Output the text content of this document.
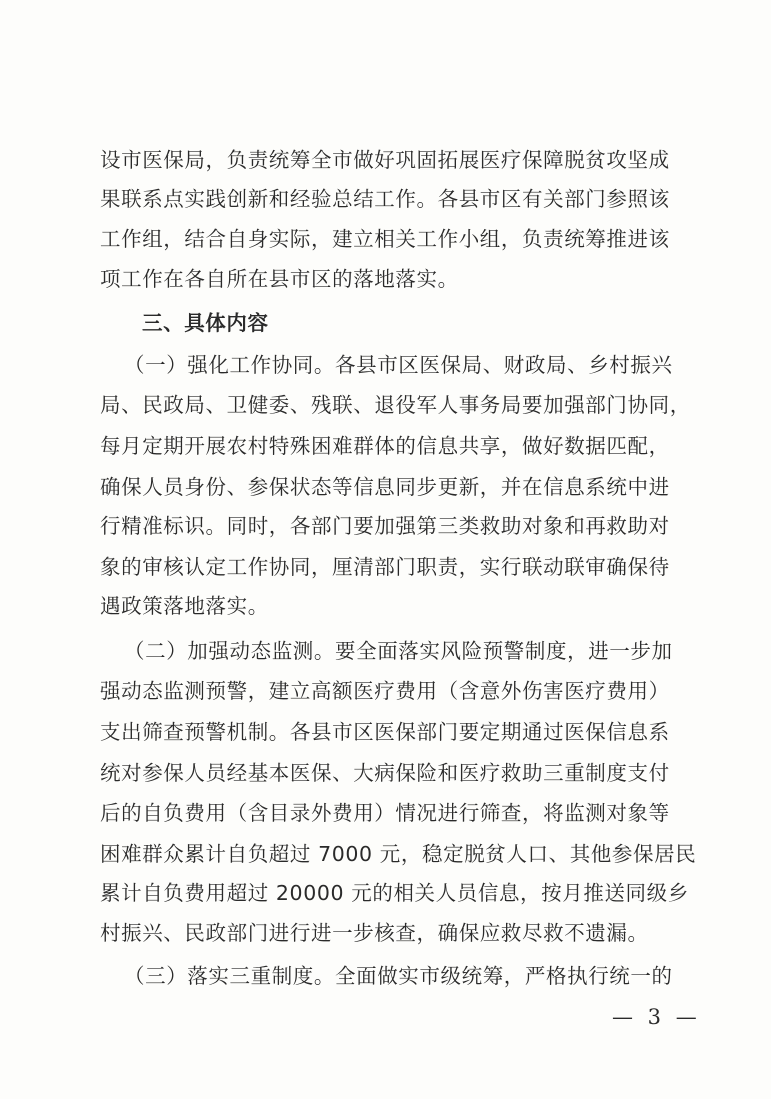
设市医保局，负责统筹全市做好巩固拓展医疗保障脱贫攻坚成
果联系点实践创新和经验总结工作。各县市区有关部门参照该
工作组，结合自身实际，建立相关工作小组，负责统筹推进该
项工作在各自所在县市区的落地落实。
三、具体内容
（一）强化工作协同。各县市区医保局、财政局、乡村振兴
局、民政局、卫健委、残联、退役军人事务局要加强部门协同，
每月定期开展农村特殊困难群体的信息共享，做好数据匹配，
确保人员身份、参保状态等信息同步更新，并在信息系统中进
行精准标识。同时，各部门要加强第三类救助对象和再救助对
象的审核认定工作协同，厘清部门职责，实行联动联审确保待
遇政策落地落实。
（二）加强动态监测。要全面落实风险预警制度，进一步加
强动态监测预警，建立高额医疗费用（含意外伤害医疗费用）
支出筛查预警机制。各县市区医保部门要定期通过医保信息系
统对参保人员经基本医保、大病保险和医疗救助三重制度支付
后的自负费用（含目录外费用）情况进行筛查，将监测对象等
困难群众累计自负超过 7000 元，稳定脱贫人口、其他参保居民
累计自负费用超过 20000 元的相关人员信息，按月推送同级乡
村振兴、民政部门进行进一步核查，确保应救尽救不遗漏。
（三）落实三重制度。全面做实市级统筹，严格执行统一的
— 3 —
